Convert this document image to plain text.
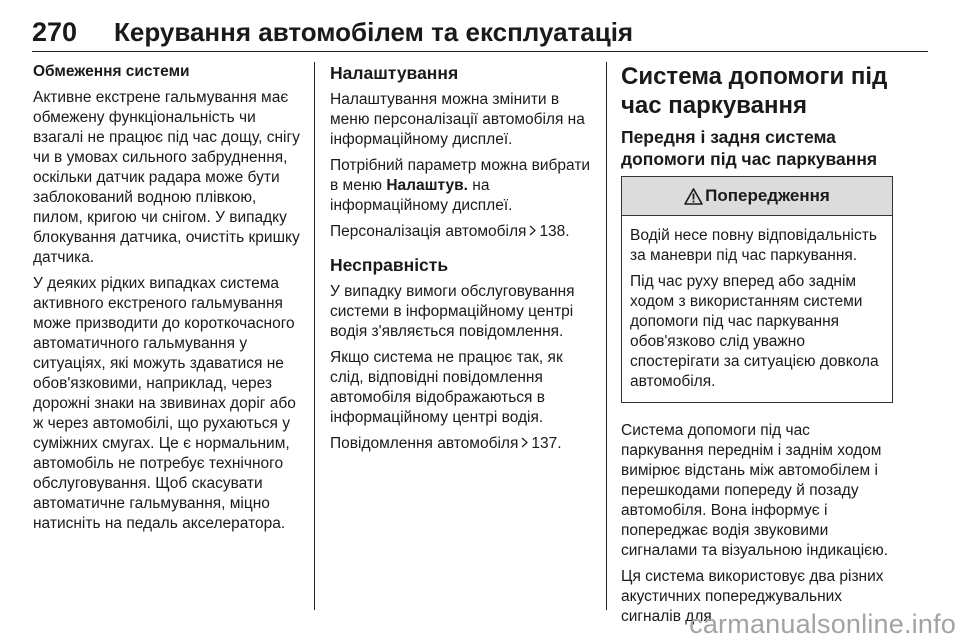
270	Керування автомобілем та експлуатація

Обмеження системи

Активне екстрене гальмування має обмежену функціональність чи взагалі не працює під час дощу, снігу чи в умовах сильного забруднення, оскільки датчик радара може бути заблокований водною плівкою, пилом, кригою чи снігом. У випадку блокування датчика, очистіть кришку датчика.

У деяких рідких випадках система активного екстреного гальмування може призводити до короткочасного автоматичного гальмування у ситуаціях, які можуть здаватися не обов'язковими, наприклад, через дорожні знаки на звивинах доріг або ж через автомобілі, що рухаються у суміжних смугах. Це є нормальним, автомобіль не потребує технічного обслуговування. Щоб скасувати автоматичне гальмування, міцно натисніть на педаль акселератора.

Налаштування

Налаштування можна змінити в меню персоналізації автомобіля на інформаційному дисплеї.

Потрібний параметр можна вибрати в меню Налаштув. на інформаційному дисплеї.

Персоналізація автомобіля 138.

Несправність

У випадку вимоги обслуговування системи в інформаційному центрі водія з'являється повідомлення.

Якщо система не працює так, як слід, відповідні повідомлення автомобіля відображаються в інформаційному центрі водія.

Повідомлення автомобіля 137.

Система допомоги під час паркування

Передня і задня система допомоги під час паркування

Попередження

Водій несе повну відповідальність за маневри під час паркування.

Під час руху вперед або заднім ходом з використанням системи допомоги під час паркування обов'язково слід уважно спостерігати за ситуацією довкола автомобіля.

Система допомоги під час паркування переднім і заднім ходом вимірює відстань між автомобілем і перешкодами попереду й позаду автомобіля. Вона інформує і попереджає водія звуковими сигналами та візуальною індикацією.

Ця система використовує два різних акустичних попереджувальних сигналів для

carmanualsonline.info
